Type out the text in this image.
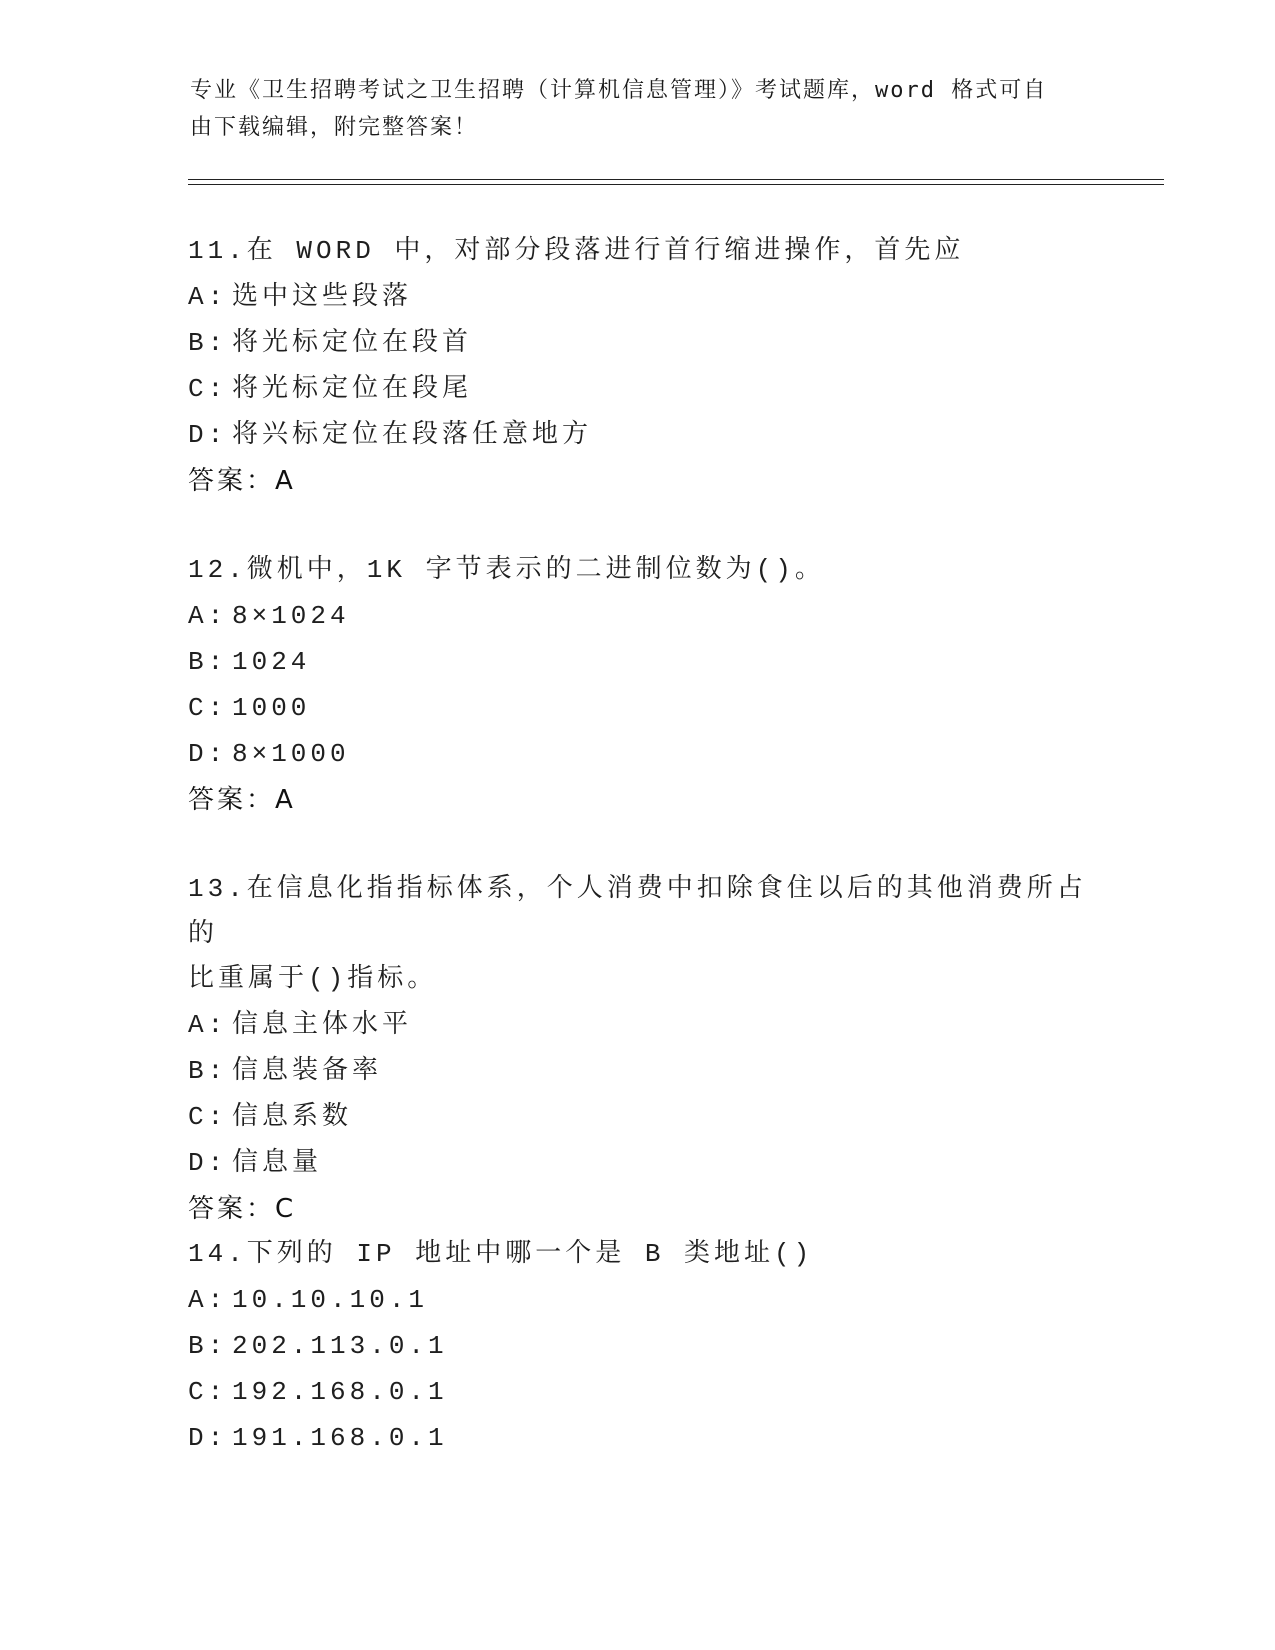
专业《卫生招聘考试之卫生招聘（计算机信息管理）》考试题库，word 格式可自
由下载编辑，附完整答案！
11.在 WORD 中，对部分段落进行首行缩进操作，首先应
A: 选中这些段落
B: 将光标定位在段首
C: 将光标定位在段尾
D: 将兴标定位在段落任意地方
答案：A
12.微机中，1K 字节表示的二进制位数为()。
A: 8×1024
B: 1024
C: 1000
D: 8×1000
答案：A
13.在信息化指指标体系，个人消费中扣除食住以后的其他消费所占的
比重属于()指标。
A: 信息主体水平
B: 信息装备率
C: 信息系数
D: 信息量
答案：C
14.下列的 IP 地址中哪一个是 B 类地址()
A: 10.10.10.1
B: 202.113.0.1
C: 192.168.0.1
D: 191.168.0.1
